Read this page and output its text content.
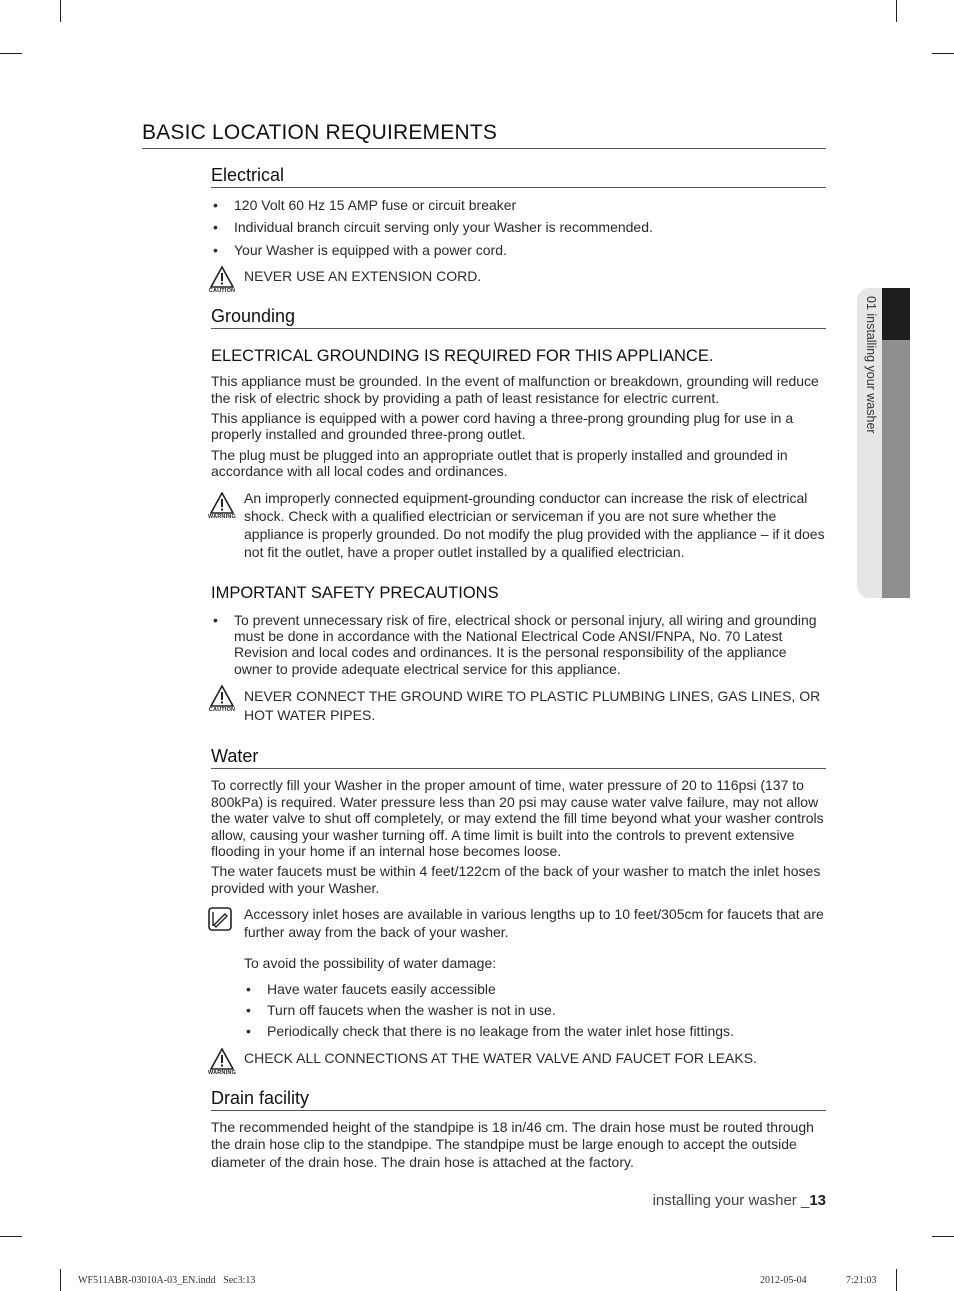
BASIC LOCATION REQUIREMENTS
Electrical
• 120 Volt 60 Hz 15 AMP fuse or circuit breaker
• Individual branch circuit serving only your Washer is recommended.
• Your Washer is equipped with a power cord.
CAUTION
NEVER USE AN EXTENSION CORD.
Grounding
ELECTRICAL GROUNDING IS REQUIRED FOR THIS APPLIANCE.

This appliance must be grounded. In the event of malfunction or breakdown, grounding will reduce the risk of electric shock by providing a path of least resistance for electric current.

This appliance is equipped with a power cord having a three-prong grounding plug for use in a properly installed and grounded three-prong outlet.

The plug must be plugged into an appropriate outlet that is properly installed and grounded in accordance with all local codes and ordinances.

WARNING
An improperly connected equipment-grounding conductor can increase the risk of electrical shock. Check with a qualified electrician or serviceman if you are not sure whether the appliance is properly grounded. Do not modify the plug provided with the appliance – if it does not fit the outlet, have a proper outlet installed by a qualified electrician.
IMPORTANT SAFETY PRECAUTIONS
• To prevent unnecessary risk of fire, electrical shock or personal injury, all wiring and grounding must be done in accordance with the National Electrical Code ANSI/FNPA, No. 70 Latest Revision and local codes and ordinances. It is the personal responsibility of the appliance owner to provide adequate electrical service for this appliance.
CAUTION
NEVER CONNECT THE GROUND WIRE TO PLASTIC PLUMBING LINES, GAS LINES, OR HOT WATER PIPES.
Water

To correctly fill your Washer in the proper amount of time, water pressure of 20 to 116psi (137 to 800kPa) is required. Water pressure less than 20 psi may cause water valve failure, may not allow the water valve to shut off completely, or may extend the fill time beyond what your washer controls allow, causing your washer turning off. A time limit is built into the controls to prevent extensive flooding in your home if an internal hose becomes loose.

The water faucets must be within 4 feet/122cm of the back of your washer to match the inlet hoses provided with your Washer.

Accessory inlet hoses are available in various lengths up to 10 feet/305cm for faucets that are further away from the back of your washer.

To avoid the possibility of water damage:

• Have water faucets easily accessible
• Turn off faucets when the washer is not in use.
• Periodically check that there is no leakage from the water inlet hose fittings.
WARNING
CHECK ALL CONNECTIONS AT THE WATER VALVE AND FAUCET FOR LEAKS.
Drain facility

The recommended height of the standpipe is 18 in/46 cm. The drain hose must be routed through the drain hose clip to the standpipe. The standpipe must be large enough to accept the outside diameter of the drain hose. The drain hose is attached at the factory.

01 installing your washer
installing your washer _13
WF511ABR-03010A-03_EN.indd   Sec3:13	2012-05-04	7:21:03
